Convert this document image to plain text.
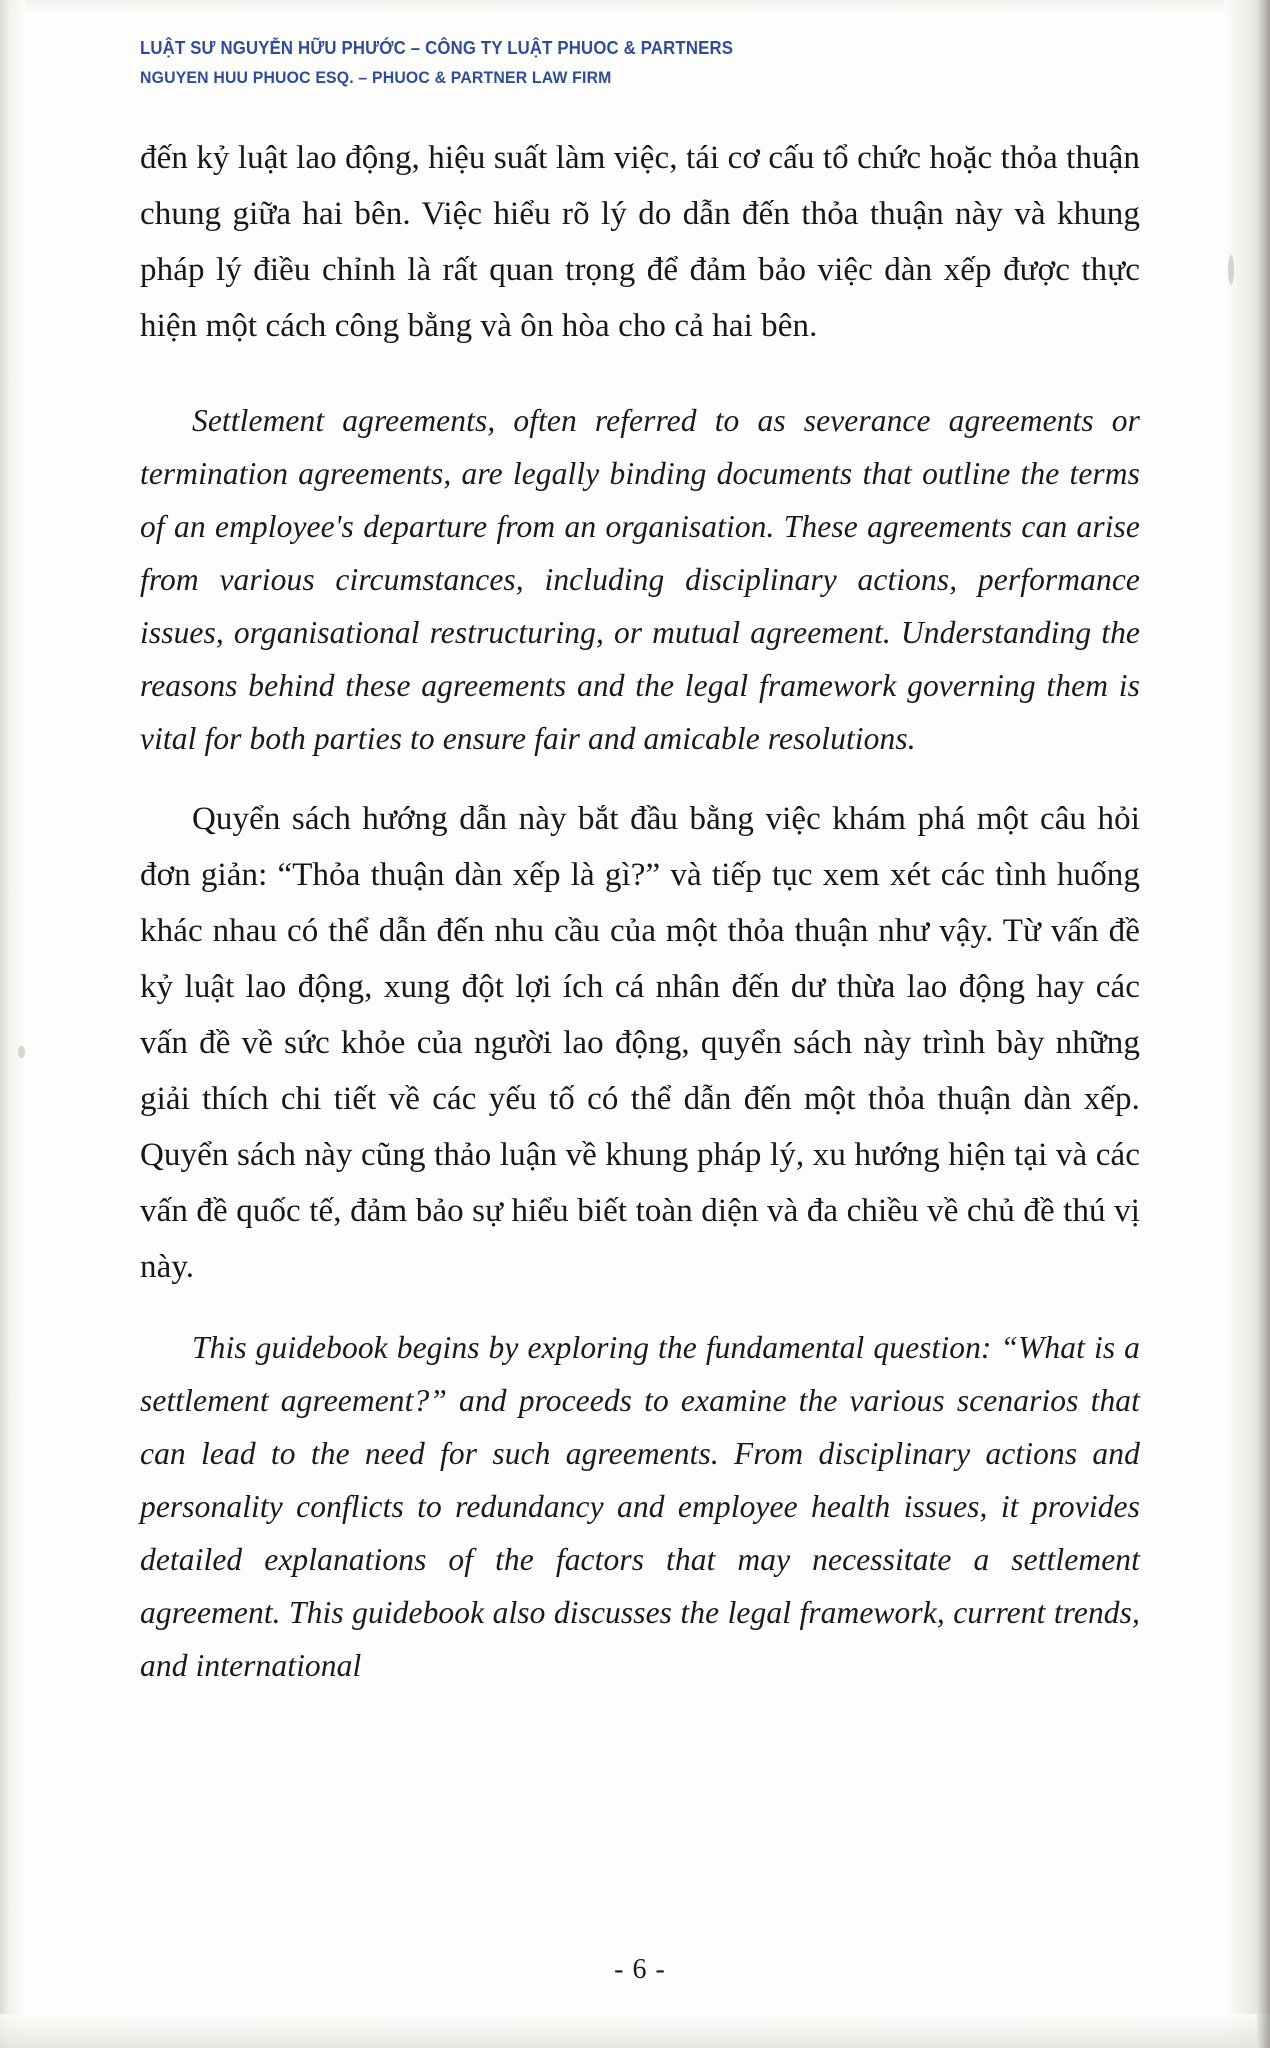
LUẬT SƯ NGUYỄN HỮU PHƯỚC – CÔNG TY LUẬT PHUOC & PARTNERS
NGUYEN HUU PHUOC ESQ. – PHUOC & PARTNER LAW FIRM

đến kỷ luật lao động, hiệu suất làm việc, tái cơ cấu tổ chức hoặc thỏa thuận chung giữa hai bên. Việc hiểu rõ lý do dẫn đến thỏa thuận này và khung pháp lý điều chỉnh là rất quan trọng để đảm bảo việc dàn xếp được thực hiện một cách công bằng và ôn hòa cho cả hai bên.

Settlement agreements, often referred to as severance agreements or termination agreements, are legally binding documents that outline the terms of an employee's departure from an organisation. These agreements can arise from various circumstances, including disciplinary actions, performance issues, organisational restructuring, or mutual agreement. Understanding the reasons behind these agreements and the legal framework governing them is vital for both parties to ensure fair and amicable resolutions.

Quyển sách hướng dẫn này bắt đầu bằng việc khám phá một câu hỏi đơn giản: “Thỏa thuận dàn xếp là gì?” và tiếp tục xem xét các tình huống khác nhau có thể dẫn đến nhu cầu của một thỏa thuận như vậy. Từ vấn đề kỷ luật lao động, xung đột lợi ích cá nhân đến dư thừa lao động hay các vấn đề về sức khỏe của người lao động, quyển sách này trình bày những giải thích chi tiết về các yếu tố có thể dẫn đến một thỏa thuận dàn xếp. Quyển sách này cũng thảo luận về khung pháp lý, xu hướng hiện tại và các vấn đề quốc tế, đảm bảo sự hiểu biết toàn diện và đa chiều về chủ đề thú vị này.

This guidebook begins by exploring the fundamental question: “What is a settlement agreement?” and proceeds to examine the various scenarios that can lead to the need for such agreements. From disciplinary actions and personality conflicts to redundancy and employee health issues, it provides detailed explanations of the factors that may necessitate a settlement agreement. This guidebook also discusses the legal framework, current trends, and international

- 6 -
